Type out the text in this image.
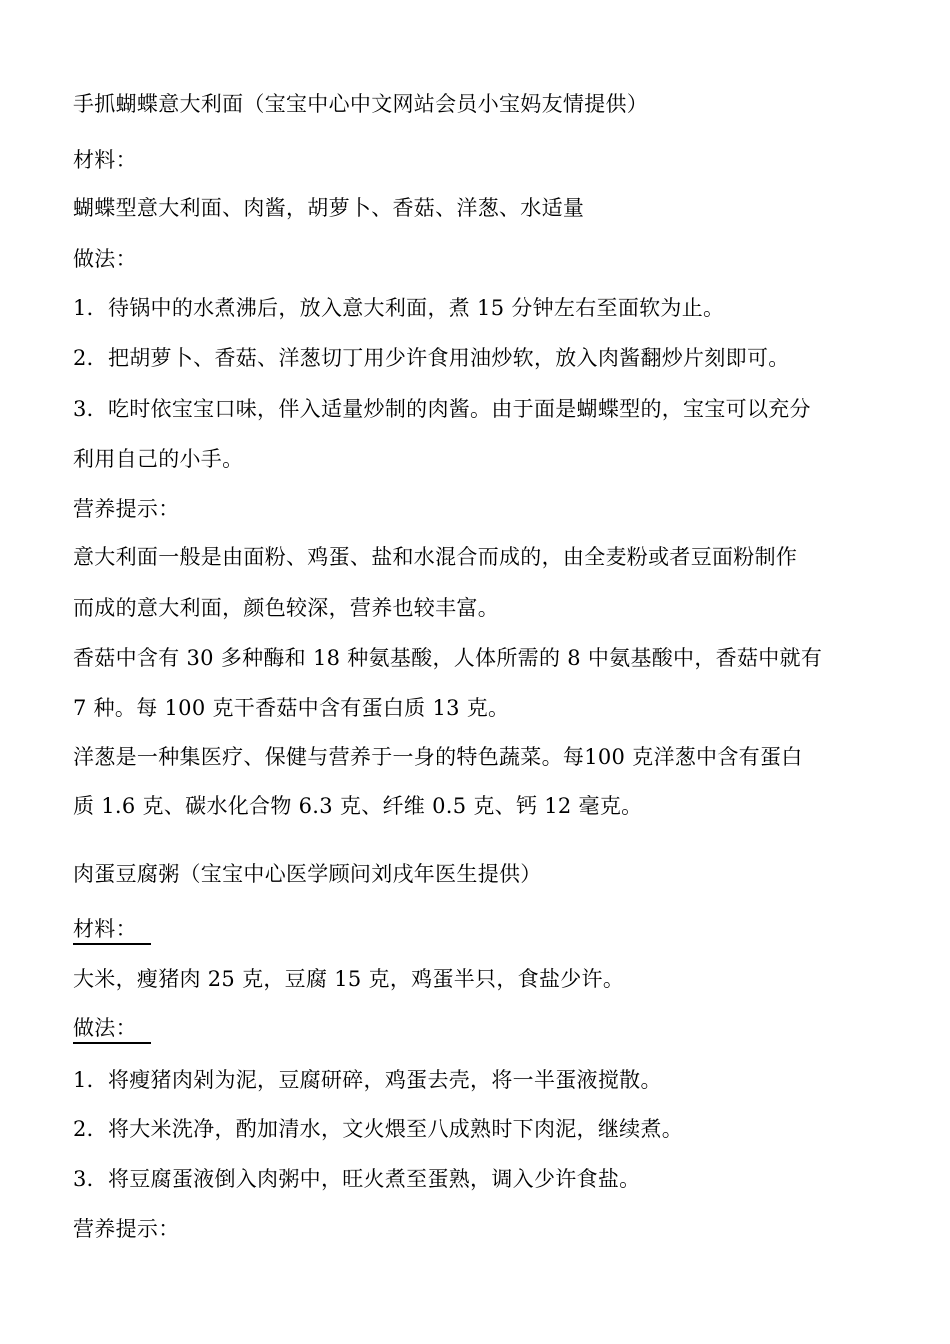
手抓蝴蝶意大利面（宝宝中心中文网站会员小宝妈友情提供）
材料：
蝴蝶型意大利面、肉酱，胡萝卜、香菇、洋葱、水适量
做法：
1．待锅中的水煮沸后，放入意大利面，煮 15 分钟左右至面软为止。
2．把胡萝卜、香菇、洋葱切丁用少许食用油炒软，放入肉酱翻炒片刻即可。
3．吃时依宝宝口味，伴入适量炒制的肉酱。由于面是蝴蝶型的，宝宝可以充分
利用自己的小手。
营养提示：
意大利面一般是由面粉、鸡蛋、盐和水混合而成的，由全麦粉或者豆面粉制作
而成的意大利面，颜色较深，营养也较丰富。
香菇中含有 30 多种酶和 18 种氨基酸，人体所需的 8 中氨基酸中，香菇中就有
7 种。每 100 克干香菇中含有蛋白质 13 克。
洋葱是一种集医疗、保健与营养于一身的特色蔬菜。每100 克洋葱中含有蛋白
质 1.6 克、碳水化合物 6.3 克、纤维 0.5 克、钙 12 毫克。
肉蛋豆腐粥（宝宝中心医学顾问刘戌年医生提供）
材料：
大米，瘦猪肉 25 克，豆腐 15 克，鸡蛋半只，食盐少许。
做法：
1．将瘦猪肉剁为泥，豆腐研碎，鸡蛋去壳，将一半蛋液搅散。
2．将大米洗净，酌加清水，文火煨至八成熟时下肉泥，继续煮。
3．将豆腐蛋液倒入肉粥中，旺火煮至蛋熟，调入少许食盐。
营养提示：
